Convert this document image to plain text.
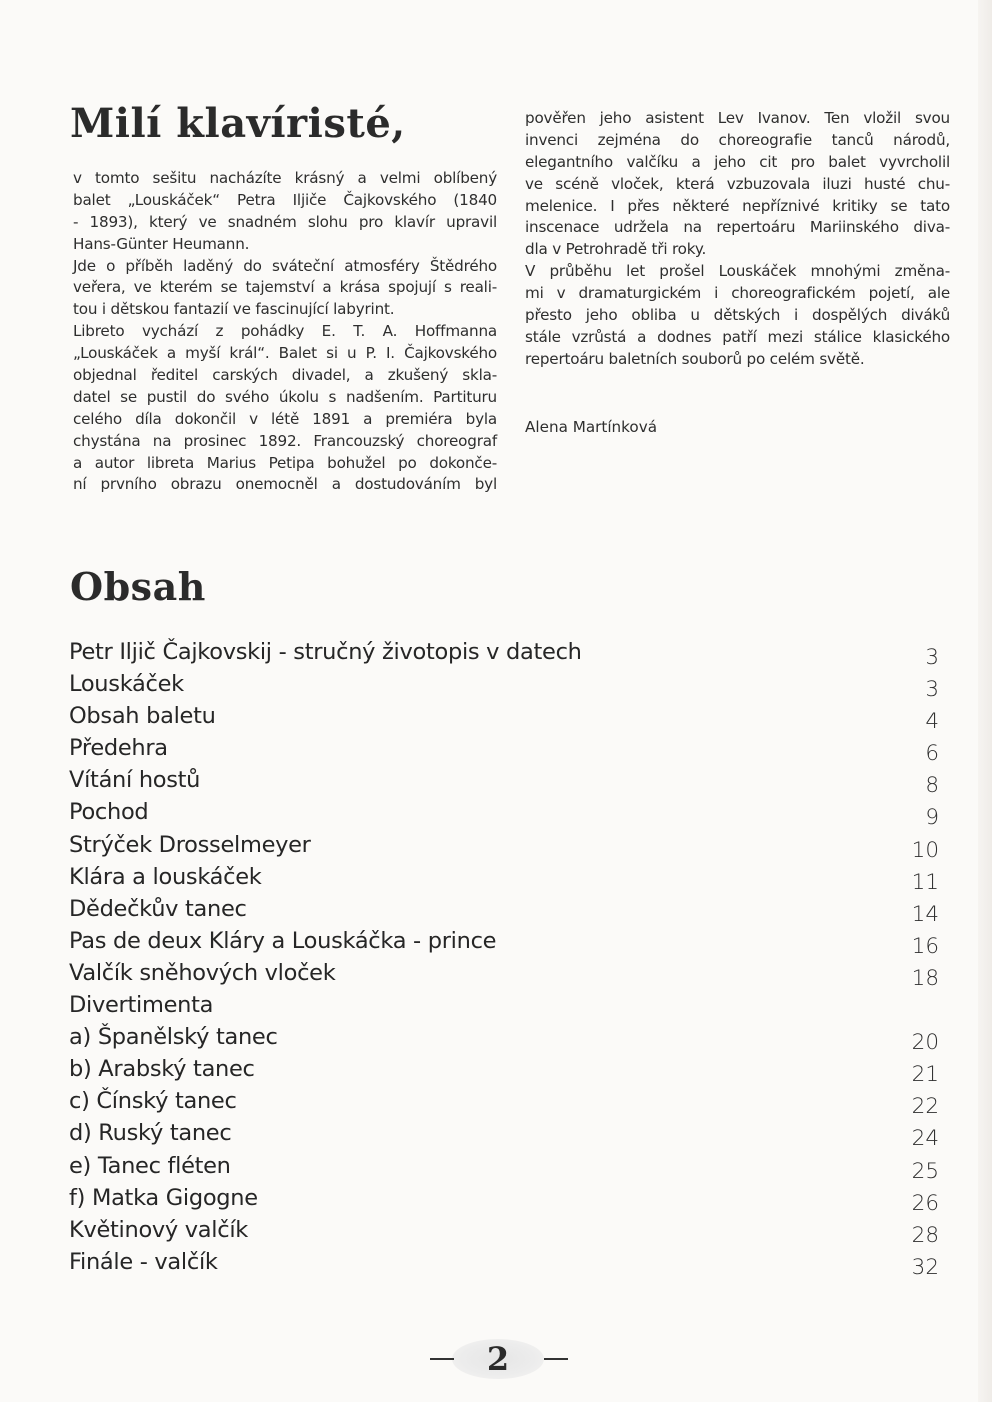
Milí klavíristé,
v tomto sešitu nacházíte krásný a velmi oblíbený
balet „Louskáček“ Petra Iljiče Čajkovského (1840
- 1893), který ve snadném slohu pro klavír upravil
Hans-Günter Heumann.
Jde o příběh laděný do sváteční atmosféry Štědrého
veřera, ve kterém se tajemství a krása spojují s reali-
tou i dětskou fantazií ve fascinující labyrint.
Libreto vychází z pohádky E. T. A. Hoffmanna
„Louskáček a myší král“. Balet si u P. I. Čajkovského
objednal ředitel carských divadel, a zkušený skla-
datel se pustil do svého úkolu s nadšením. Partituru
celého díla dokončil v létě 1891 a premiéra byla
chystána na prosinec 1892. Francouzský choreograf
a autor libreta Marius Petipa bohužel po dokonče-
ní prvního obrazu onemocněl a dostudováním byl
pověřen jeho asistent Lev Ivanov. Ten vložil svou
invenci zejména do choreografie tanců národů,
elegantního valčíku a jeho cit pro balet vyvrcholil
ve scéně vloček, která vzbuzovala iluzi husté chu-
melenice. I přes některé nepříznivé kritiky se tato
inscenace udržela na repertoáru Mariinského diva-
dla v Petrohradě tři roky.
V průběhu let prošel Louskáček mnohými změna-
mi v dramaturgickém i choreografickém pojetí, ale
přesto jeho obliba u dětských i dospělých diváků
stále vzrůstá a dodnes patří mezi stálice klasického
repertoáru baletních souborů po celém světě.
Alena Martínková
Obsah
Petr Iljič Čajkovskij - stručný životopis v datech	3
Louskáček	3
Obsah baletu	4
Předehra	6
Vítání hostů	8
Pochod	9
Strýček Drosselmeyer	10
Klára a louskáček	11
Dědečkův tanec	14
Pas de deux Kláry a Louskáčka - prince	16
Valčík sněhových vloček	18
Divertimenta
a) Španělský tanec	20
b) Arabský tanec	21
c) Čínský tanec	22
d) Ruský tanec	24
e) Tanec fléten	25
f) Matka Gigogne	26
Květinový valčík	28
Finále - valčík	32
2
